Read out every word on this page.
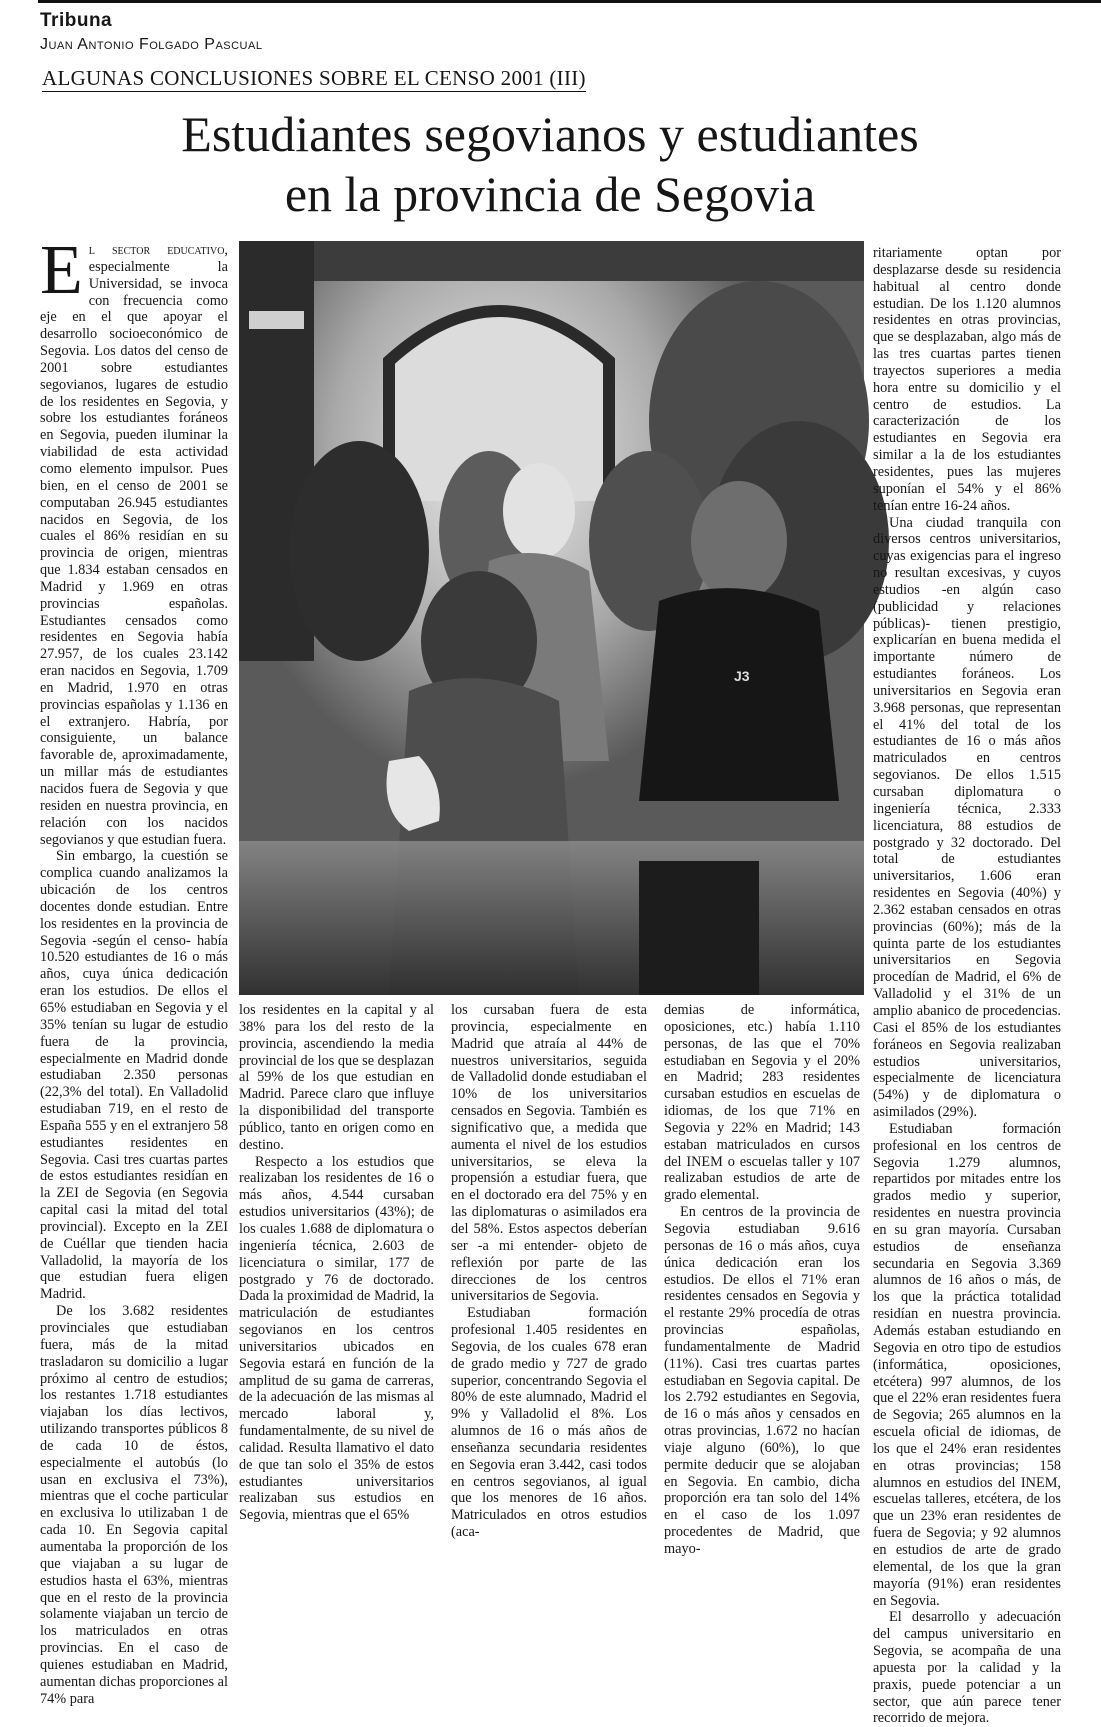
Tribuna
Juan Antonio Folgado Pascual
ALGUNAS CONCLUSIONES SOBRE EL CENSO 2001 (III)
Estudiantes segovianos y estudiantes
en la provincia de Segovia

El sector educativo, especialmente la Universidad, se invoca con frecuencia como eje en el que apoyar el desarrollo socioeconómico de Segovia. Los datos del censo de 2001 sobre estudiantes segovianos, lugares de estudio de los residentes en Segovia, y sobre los estudiantes foráneos en Segovia, pueden iluminar la viabilidad de esta actividad como elemento impulsor. Pues bien, en el censo de 2001 se computaban 26.945 estudiantes nacidos en Segovia, de los cuales el 86% residían en su provincia de origen, mientras que 1.834 estaban censados en Madrid y 1.969 en otras provincias españolas. Estudiantes censados como residentes en Segovia había 27.957, de los cuales 23.142 eran nacidos en Segovia, 1.709 en Madrid, 1.970 en otras provincias españolas y 1.136 en el extranjero. Habría, por consiguiente, un balance favorable de, aproximadamente, un millar más de estudiantes nacidos fuera de Segovia y que residen en nuestra provincia, en relación con los nacidos segovianos y que estudian fuera.

Sin embargo, la cuestión se complica cuando analizamos la ubicación de los centros docentes donde estudian. Entre los residentes en la provincia de Segovia -según el censo- había 10.520 estudiantes de 16 o más años, cuya única dedicación eran los estudios. De ellos el 65% estudiaban en Segovia y el 35% tenían su lugar de estudio fuera de la provincia, especialmente en Madrid donde estudiaban 2.350 personas (22,3% del total). En Valladolid estudiaban 719, en el resto de España 555 y en el extranjero 58 estudiantes residentes en Segovia. Casi tres cuartas partes de estos estudiantes residían en la ZEI de Segovia (en Segovia capital casi la mitad del total provincial). Excepto en la ZEI de Cuéllar que tienden hacia Valladolid, la mayoría de los que estudian fuera eligen Madrid.

De los 3.682 residentes provinciales que estudiaban fuera, más de la mitad trasladaron su domicilio a lugar próximo al centro de estudios; los restantes 1.718 estudiantes viajaban los días lectivos, utilizando transportes públicos 8 de cada 10 de éstos, especialmente el autobús (lo usan en exclusiva el 73%), mientras que el coche particular en exclusiva lo utilizaban 1 de cada 10. En Segovia capital aumentaba la proporción de los que viajaban a su lugar de estudios hasta el 63%, mientras que en el resto de la provincia solamente viajaban un tercio de los matriculados en otras provincias. En el caso de quienes estudiaban en Madrid, aumentan dichas proporciones al 74% para

J3

los residentes en la capital y al 38% para los del resto de la provincia, ascendiendo la media provincial de los que se desplazan al 59% de los que estudian en Madrid. Parece claro que influye la disponibilidad del transporte público, tanto en origen como en destino.

Respecto a los estudios que realizaban los residentes de 16 o más años, 4.544 cursaban estudios universitarios (43%); de los cuales 1.688 de diplomatura o ingeniería técnica, 2.603 de licenciatura o similar, 177 de postgrado y 76 de doctorado. Dada la proximidad de Madrid, la matriculación de estudiantes segovianos en los centros universitarios ubicados en Segovia estará en función de la amplitud de su gama de carreras, de la adecuación de las mismas al mercado laboral y, fundamentalmente, de su nivel de calidad. Resulta llamativo el dato de que tan solo el 35% de estos estudiantes universitarios realizaban sus estudios en Segovia, mientras que el 65%

los cursaban fuera de esta provincia, especialmente en Madrid que atraía al 44% de nuestros universitarios, seguida de Valladolid donde estudiaban el 10% de los universitarios censados en Segovia. También es significativo que, a medida que aumenta el nivel de los estudios universitarios, se eleva la propensión a estudiar fuera, que en el doctorado era del 75% y en las diplomaturas o asimilados era del 58%. Estos aspectos deberían ser -a mi entender- objeto de reflexión por parte de las direcciones de los centros universitarios de Segovia.

Estudiaban formación profesional 1.405 residentes en Segovia, de los cuales 678 eran de grado medio y 727 de grado superior, concentrando Segovia el 80% de este alumnado, Madrid el 9% y Valladolid el 8%. Los alumnos de 16 o más años de enseñanza secundaria residentes en Segovia eran 3.442, casi todos en centros segovianos, al igual que los menores de 16 años. Matriculados en otros estudios (aca-

demias de informática, oposiciones, etc.) había 1.110 personas, de las que el 70% estudiaban en Segovia y el 20% en Madrid; 283 residentes cursaban estudios en escuelas de idiomas, de los que 71% en Segovia y 22% en Madrid; 143 estaban matriculados en cursos del INEM o escuelas taller y 107 realizaban estudios de arte de grado elemental.

En centros de la provincia de Segovia estudiaban 9.616 personas de 16 o más años, cuya única dedicación eran los estudios. De ellos el 71% eran residentes censados en Segovia y el restante 29% procedía de otras provincias españolas, fundamentalmente de Madrid (11%). Casi tres cuartas partes estudiaban en Segovia capital. De los 2.792 estudiantes en Segovia, de 16 o más años y censados en otras provincias, 1.672 no hacían viaje alguno (60%), lo que permite deducir que se alojaban en Segovia. En cambio, dicha proporción era tan solo del 14% en el caso de los 1.097 procedentes de Madrid, que mayo-

ritariamente optan por desplazarse desde su residencia habitual al centro donde estudian. De los 1.120 alumnos residentes en otras provincias, que se desplazaban, algo más de las tres cuartas partes tienen trayectos superiores a media hora entre su domicilio y el centro de estudios. La caracterización de los estudiantes en Segovia era similar a la de los estudiantes residentes, pues las mujeres suponían el 54% y el 86% tenían entre 16-24 años.

Una ciudad tranquila con diversos centros universitarios, cuyas exigencias para el ingreso no resultan excesivas, y cuyos estudios -en algún caso (publicidad y relaciones públicas)- tienen prestigio, explicarían en buena medida el importante número de estudiantes foráneos. Los universitarios en Segovia eran 3.968 personas, que representan el 41% del total de los estudiantes de 16 o más años matriculados en centros segovianos. De ellos 1.515 cursaban diplomatura o ingeniería técnica, 2.333 licenciatura, 88 estudios de postgrado y 32 doctorado. Del total de estudiantes universitarios, 1.606 eran residentes en Segovia (40%) y 2.362 estaban censados en otras provincias (60%); más de la quinta parte de los estudiantes universitarios en Segovia procedían de Madrid, el 6% de Valladolid y el 31% de un amplio abanico de procedencias. Casi el 85% de los estudiantes foráneos en Segovia realizaban estudios universitarios, especialmente de licenciatura (54%) y de diplomatura o asimilados (29%).

Estudiaban formación profesional en los centros de Segovia 1.279 alumnos, repartidos por mitades entre los grados medio y superior, residentes en nuestra provincia en su gran mayoría. Cursaban estudios de enseñanza secundaria en Segovia 3.369 alumnos de 16 años o más, de los que la práctica totalidad residían en nuestra provincia. Además estaban estudiando en Segovia en otro tipo de estudios (informática, oposiciones, etcétera) 997 alumnos, de los que el 22% eran residentes fuera de Segovia; 265 alumnos en la escuela oficial de idiomas, de los que el 24% eran residentes en otras provincias; 158 alumnos en estudios del INEM, escuelas talleres, etcétera, de los que un 23% eran residentes de fuera de Segovia; y 92 alumnos en estudios de arte de grado elemental, de los que la gran mayoría (91%) eran residentes en Segovia.

El desarrollo y adecuación del campus universitario en Segovia, se acompaña de una apuesta por la calidad y la praxis, puede potenciar a un sector, que aún parece tener recorrido de mejora.
